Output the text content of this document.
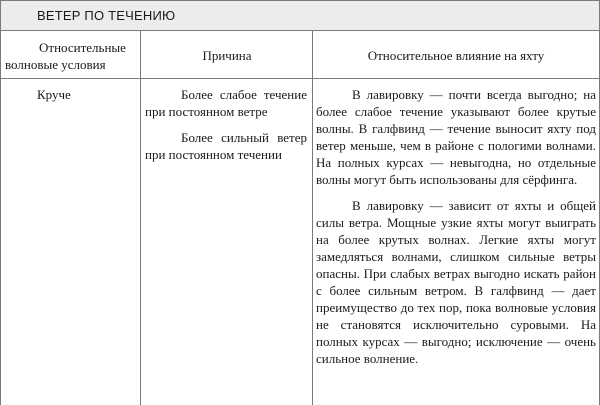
ВЕТЕР ПО ТЕЧЕНИЮ
Относительные
волновые условия
Причина	Относительное влияние на яхту
Круче	Более слабое течение при постоянном ветре

Более сильный ветер при постоянном течении

В лавировку — почти всегда выгодно; на более слабое течение указывают более крутые волны. В галфвинд — течение выносит яхту под ветер меньше, чем в районе с пологими волнами. На полных курсах — невыгодна, но отдельные волны могут быть использованы для сёрфинга.

В лавировку — зависит от яхты и общей силы ветра. Мощные узкие яхты могут выиграть на более крутых волнах. Легкие яхты могут замедляться волнами, слишком сильные ветры опасны. При слабых ветрах выгодно искать район с более сильным ветром. В галфвинд — дает преимущество до тех пор, пока волновые условия не становятся исключительно суровыми. На полных курсах — выгодно; исключение — очень сильное волнение.
